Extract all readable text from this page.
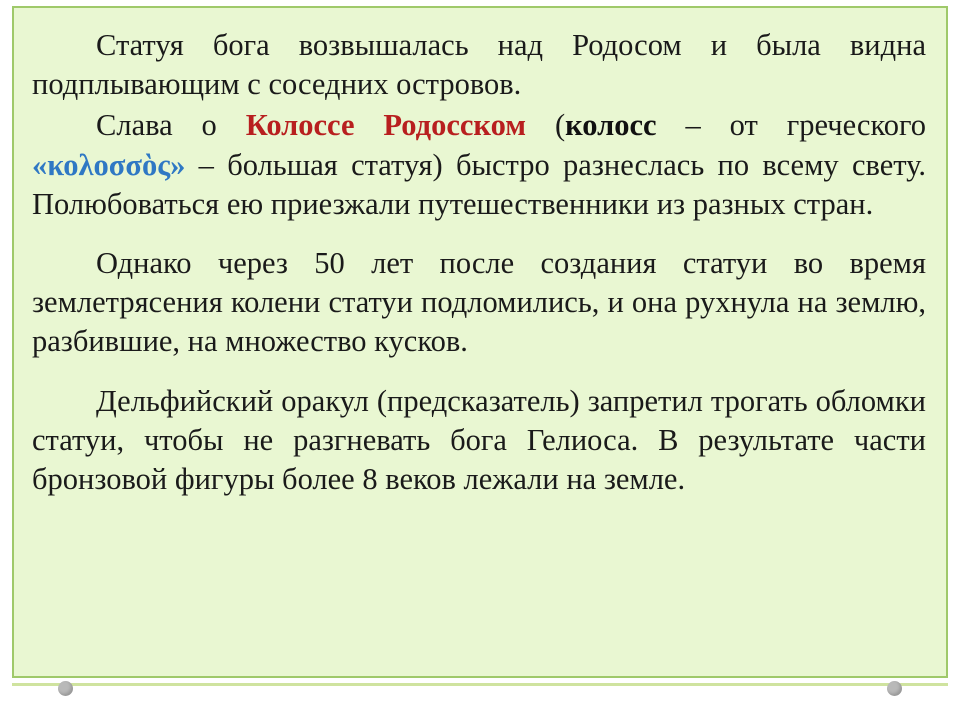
Статуя бога возвышалась над Родосом и была видна подплывающим с соседних островов.

Слава о Колоссе Родосском (колосс – от греческого «κολοσσὸς» – большая статуя) быстро разнеслась по всему свету. Полюбоваться ею приезжали путешественники из разных стран.

Однако через 50 лет после создания статуи во время землетрясения колени статуи подломились, и она рухнула на землю, разбившие, на множество кусков.

Дельфийский оракул (предсказатель) запретил трогать обломки статуи, чтобы не разгневать бога Гелиоса. В результате части бронзовой фигуры более 8 веков лежали на земле.
